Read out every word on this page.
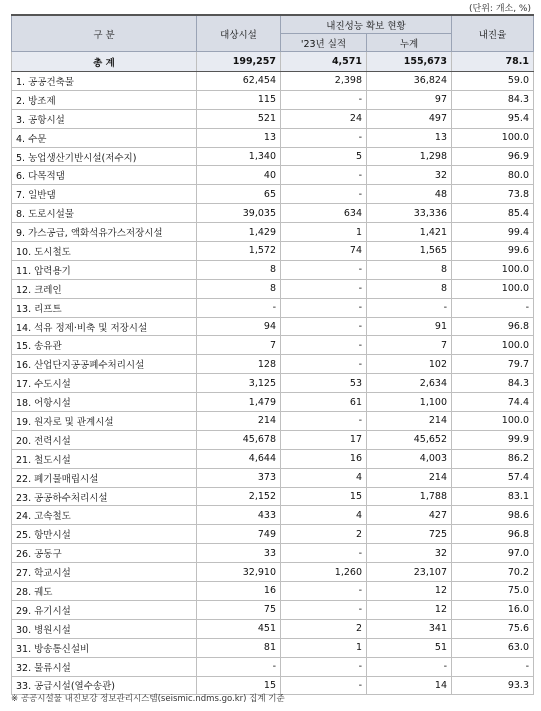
(단위: 개소, %)
구 분	대상시설	내진성능 확보 현황		내진율
		'23년 실적	누계	
총 계	199,257	4,571	155,673	78.1
1. 공공건축물	62,454	2,398	36,824	59.0
2. 방조제	115	-	97	84.3
3. 공항시설	521	24	497	95.4
4. 수문	13	-	13	100.0
5. 농업생산기반시설(저수지)	1,340	5	1,298	96.9
6. 다목적댐	40	-	32	80.0
7. 일반댐	65	-	48	73.8
8. 도로시설물	39,035	634	33,336	85.4
9. 가스공급, 액화석유가스저장시설	1,429	1	1,421	99.4
10. 도시철도	1,572	74	1,565	99.6
11. 압력용기	8	-	8	100.0
12. 크레인	8	-	8	100.0
13. 리프트	-	-	-	-
14. 석유 정제·비축 및 저장시설	94	-	91	96.8
15. 송유관	7	-	7	100.0
16. 산업단지공공폐수처리시설	128	-	102	79.7
17. 수도시설	3,125	53	2,634	84.3
18. 어항시설	1,479	61	1,100	74.4
19. 원자로 및 관계시설	214	-	214	100.0
20. 전력시설	45,678	17	45,652	99.9
21. 철도시설	4,644	16	4,003	86.2
22. 폐기물매립시설	373	4	214	57.4
23. 공공하수처리시설	2,152	15	1,788	83.1
24. 고속철도	433	4	427	98.6
25. 항만시설	749	2	725	96.8
26. 공동구	33	-	32	97.0
27. 학교시설	32,910	1,260	23,107	70.2
28. 궤도	16	-	12	75.0
29. 유기시설	75	-	12	16.0
30. 병원시설	451	2	341	75.6
31. 방송통신설비	81	1	51	63.0
32. 물류시설	-	-	-	-
33. 공급시설(열수송관)	15	-	14	93.3
※ 공공시설물 내진보강 정보관리시스템(seismic.ndms.go.kr) 집계 기준
